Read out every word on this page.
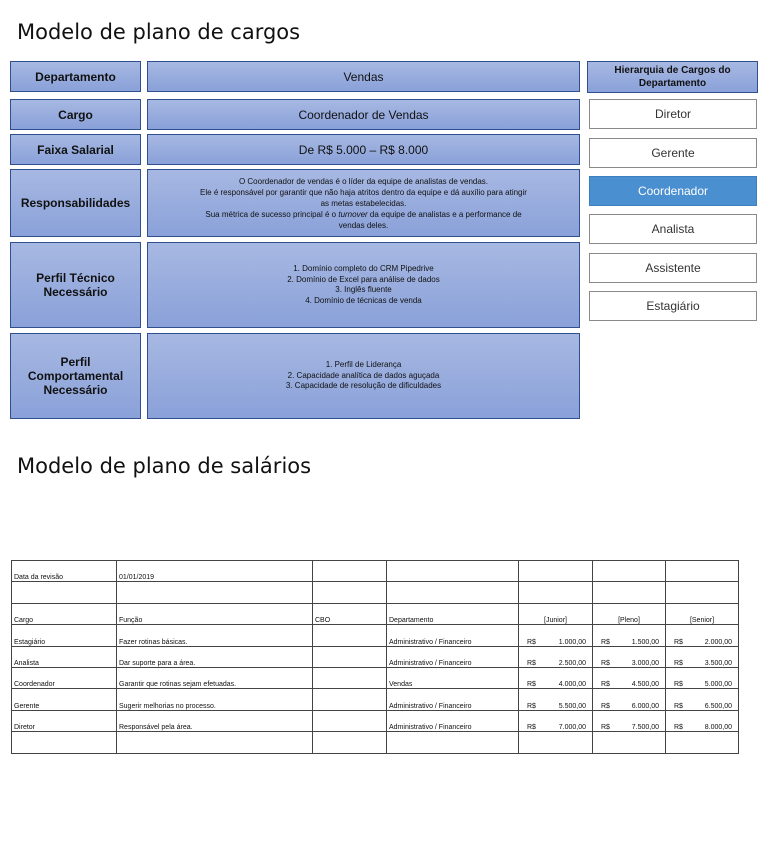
Modelo de plano de cargos
Departamento	Vendas
Cargo	Coordenador de Vendas
Faixa Salarial	De R$ 5.000 – R$ 8.000
Responsabilidades
O Coordenador de vendas é o líder da equipe de analistas de vendas.
Ele é responsável por garantir que não haja atritos dentro da equipe e dá auxílio para atingir
as metas estabelecidas.
Sua métrica de sucesso principal é o turnover da equipe de analistas e a performance de
vendas deles.
Perfil Técnico Necessário
1. Domínio completo do CRM Pipedrive
2. Domínio de Excel para análise de dados
3. Inglês fluente
4. Domínio de técnicas de venda
Perfil Comportamental Necessário
1. Perfil de Liderança
2. Capacidade analítica de dados aguçada
3. Capacidade de resolução de dificuldades
Hierarquia de Cargos do Departamento
Diretor
Gerente
Coordenador
Analista
Assistente
Estagiário
Modelo de plano de salários
Data da revisão	01/01/2019					

Cargo	Função	CBO	Departamento	[Junior]	[Pleno]	[Senior]
Estagiário	Fazer rotinas básicas.		Administrativo / Financeiro	R$ 1.000,00	R$ 1.500,00	R$ 2.000,00

Analista	Dar suporte para a área.		Administrativo / Financeiro	R$ 2.500,00	R$ 3.000,00	R$ 3.500,00

Coordenador	Garantir que rotinas sejam efetuadas.		Vendas	R$ 4.000,00	R$ 4.500,00	R$ 5.000,00

Gerente	Sugerir melhorias no processo.		Administrativo / Financeiro	R$ 5.500,00	R$ 6.000,00	R$ 6.500,00

Diretor	Responsável pela área.		Administrativo / Financeiro	R$ 7.000,00	R$ 7.500,00	R$ 8.000,00
